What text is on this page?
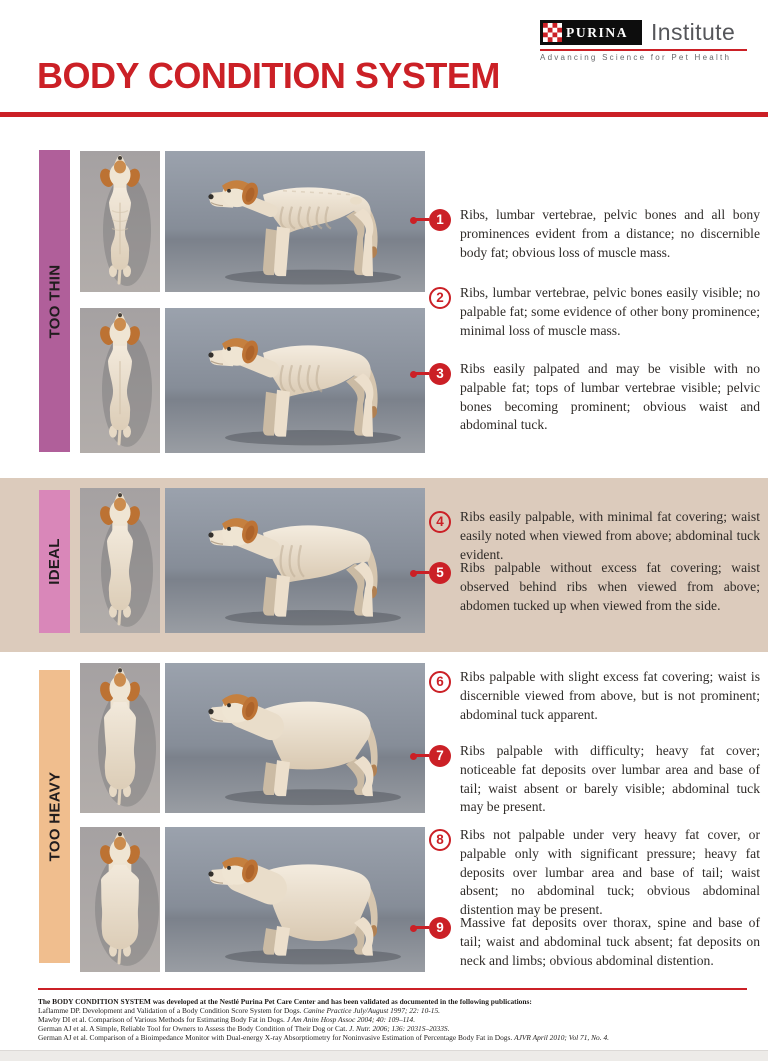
PURINA Institute
Advancing Science for Pet Health
BODY CONDITION SYSTEM
TOO THIN
IDEAL
TOO HEAVY
1	Ribs, lumbar vertebrae, pelvic bones and all bony prominences evident from a distance; no discernible body fat; obvious loss of muscle mass.

2	Ribs, lumbar vertebrae, pelvic bones easily visible; no palpable fat; some evidence of other bony prominence; minimal loss of muscle mass.

3	Ribs easily palpated and may be visible with no palpable fat; tops of lumbar vertebrae visible; pelvic bones becoming prominent; obvious waist and abdominal tuck.

4	Ribs easily palpable, with minimal fat covering; waist easily noted when viewed from above; abdominal tuck evident.

5	Ribs palpable without excess fat covering; waist observed behind ribs when viewed from above; abdomen tucked up when viewed from the side.

6	Ribs palpable with slight excess fat covering; waist is discernible viewed from above, but is not prominent; abdominal tuck apparent.

7	Ribs palpable with difficulty; heavy fat cover; noticeable fat deposits over lumbar area and base of tail; waist absent or barely visible; abdominal tuck may be present.

8	Ribs not palpable under very heavy fat cover, or palpable only with significant pressure; heavy fat deposits over lumbar area and base of tail; waist absent; no abdominal tuck; obvious abdominal distention may be present.

9	Massive fat deposits over thorax, spine and base of tail; waist and abdominal tuck absent; fat deposits on neck and limbs; obvious abdominal distention.

The BODY CONDITION SYSTEM was developed at the Nestlé Purina Pet Care Center and has been validated as documented in the following publications:
Laflamme DP. Development and Validation of a Body Condition Score System for Dogs. Canine Practice July/August 1997; 22: 10-15.
Mawby DI et al. Comparison of Various Methods for Estimating Body Fat in Dogs. J Am Anim Hosp Assoc 2004; 40: 109–114.
German AJ et al. A Simple, Reliable Tool for Owners to Assess the Body Condition of Their Dog or Cat. J. Nutr. 2006; 136: 2031S–2033S.
German AJ et al. Comparison of a Bioimpedance Monitor with Dual-energy X-ray Absorptiometry for Noninvasive Estimation of Percentage Body Fat in Dogs. AJVR April 2010; Vol 71, No. 4.
